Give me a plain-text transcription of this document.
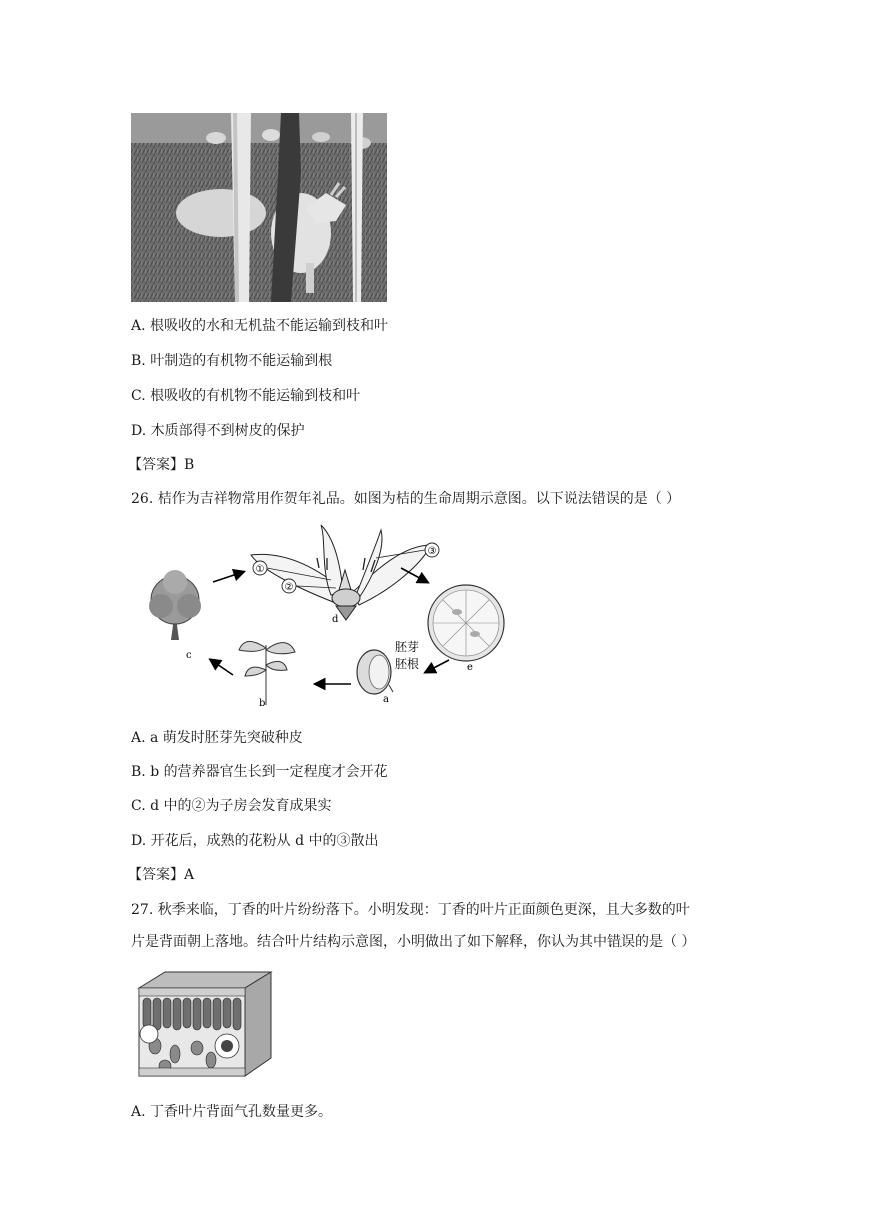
A. 根吸收的水和无机盐不能运输到枝和叶
B. 叶制造的有机物不能运输到根
C. 根吸收的有机物不能运输到枝和叶
D. 木质部得不到树皮的保护
【答案】B
26. 桔作为吉祥物常用作贺年礼品。如图为桔的生命周期示意图。以下说法错误的是（ ）
①
②
③
d
e
胚芽
胚根
a
b
c
A. a 萌发时胚芽先突破种皮
B. b 的营养器官生长到一定程度才会开花
C. d 中的②为子房会发育成果实
D. 开花后，成熟的花粉从 d 中的③散出
【答案】A
27. 秋季来临，丁香的叶片纷纷落下。小明发现：丁香的叶片正面颜色更深，且大多数的叶
片是背面朝上落地。结合叶片结构示意图，小明做出了如下解释，你认为其中错误 · ·的是（ ）
A. 丁香叶片背面气孔数量更多。
